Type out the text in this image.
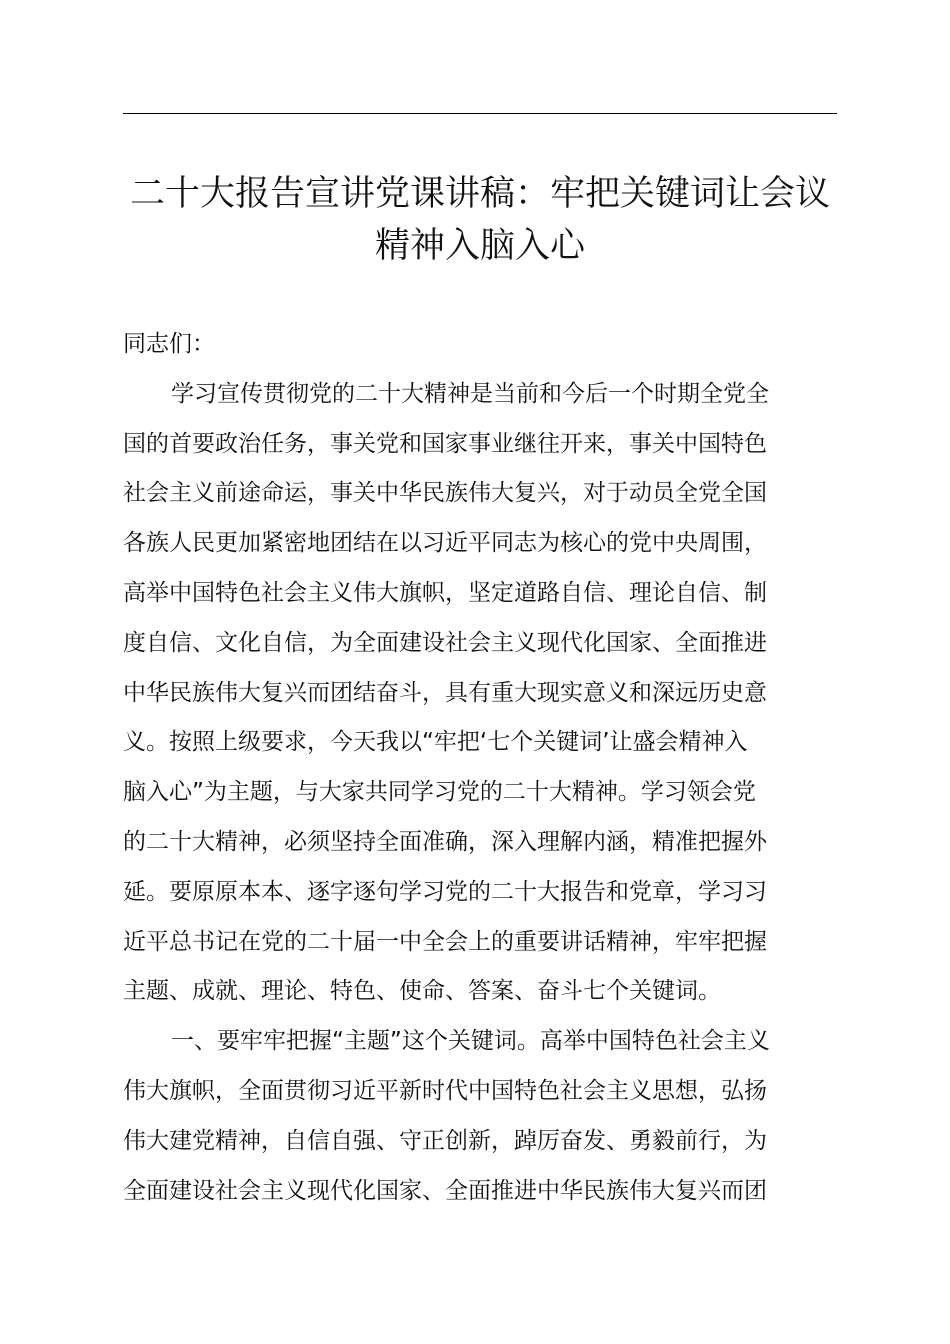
二十大报告宣讲党课讲稿：牢把关键词让会议
精神入脑入心

同志们：

学习宣传贯彻党的二十大精神是当前和今后一个时期全党全
国的首要政治任务，事关党和国家事业继往开来，事关中国特色
社会主义前途命运，事关中华民族伟大复兴，对于动员全党全国
各族人民更加紧密地团结在以习近平同志为核心的党中央周围，
高举中国特色社会主义伟大旗帜，坚定道路自信、理论自信、制
度自信、文化自信，为全面建设社会主义现代化国家、全面推进
中华民族伟大复兴而团结奋斗，具有重大现实意义和深远历史意
义。按照上级要求，今天我以“牢把‘七个关键词’让盛会精神入
脑入心”为主题，与大家共同学习党的二十大精神。学习领会党
的二十大精神，必须坚持全面准确，深入理解内涵，精准把握外
延。要原原本本、逐字逐句学习党的二十大报告和党章，学习习
近平总书记在党的二十届一中全会上的重要讲话精神，牢牢把握
主题、成就、理论、特色、使命、答案、奋斗七个关键词。

一、要牢牢把握“主题”这个关键词。高举中国特色社会主义
伟大旗帜，全面贯彻习近平新时代中国特色社会主义思想，弘扬
伟大建党精神，自信自强、守正创新，踔厉奋发、勇毅前行，为
全面建设社会主义现代化国家、全面推进中华民族伟大复兴而团
